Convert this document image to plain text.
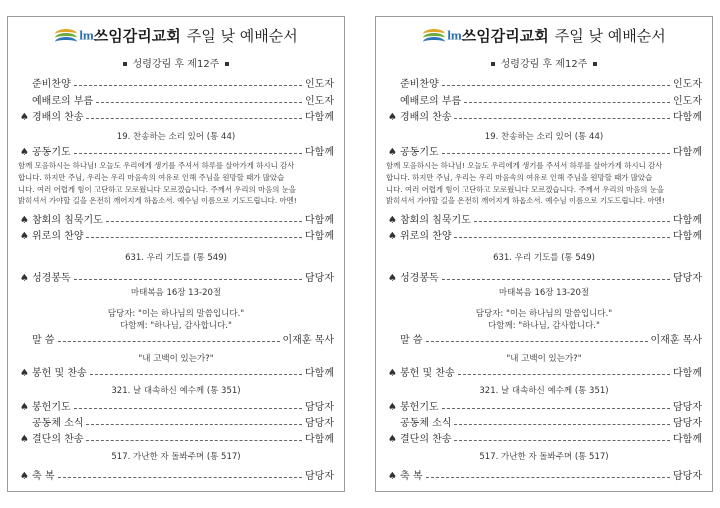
lm쓰임감리교회 주일 낮 예배순서
성령강림 후 제12주
준비찬양	인도자
예배로의 부름	인도자
♠ 경배의 찬송	다함께
19. 찬송하는 소리 있어 (통 44)
♠ 공동기도	다함께
함께 모음하시는 하나님! 오늘도 우리에게 생기를 주셔서 하루를 살아가게 하시니 감사
합니다. 하지만 주님, 우리는 우리 마음속의 여유로 인해 주님을 원망할 때가 많았습
니다. 여러 어렵게 힘이 고단하고 모로웠니다 모르겠습니다. 주께서 우리의 마음의 눈을
밝히셔서 가야할 길을 온전히 깨어지게 하옵소서. 예수님 이름으로 기도드립니다. 아멘!
♠ 참회의 침묵기도	다함께
♠ 위로의 찬양	다함께
631. 우리 기도를 (통 549)
♠ 성경봉독	담당자
마태복음 16장 13-20절
담당자: "이는 하나님의 말씀입니다."
다함께: "하나님, 감사합니다."
말 씀	이재훈 목사
"내 고백이 있는가?"
♠ 봉헌 및 찬송	다함께
321. 날 대속하신 예수께 (통 351)
♠ 봉헌기도	담당자
공동체 소식	담당자
♠ 결단의 찬송	다함께
517. 가난한 자 돌봐주며 (통 517)
♠ 축 복	담당자
lm쓰임감리교회 주일 낮 예배순서
성령강림 후 제12주
준비찬양	인도자
예배로의 부름	인도자
♠ 경배의 찬송	다함께
19. 찬송하는 소리 있어 (통 44)
♠ 공동기도	다함께
함께 모음하시는 하나님! 오늘도 우리에게 생기를 주셔서 하루를 살아가게 하시니 감사
합니다. 하지만 주님, 우리는 우리 마음속의 여유로 인해 주님을 원망할 때가 많았습
니다. 여러 어렵게 힘이 고단하고 모로웠니다 모르겠습니다. 주께서 우리의 마음의 눈을
밝히셔서 가야할 길을 온전히 깨어지게 하옵소서. 예수님 이름으로 기도드립니다. 아멘!
♠ 참회의 침묵기도	다함께
♠ 위로의 찬양	다함께
631. 우리 기도를 (통 549)
♠ 성경봉독	담당자
마태복음 16장 13-20절
담당자: "이는 하나님의 말씀입니다."
다함께: "하나님, 감사합니다."
말 씀	이재훈 목사
"내 고백이 있는가?"
♠ 봉헌 및 찬송	다함께
321. 날 대속하신 예수께 (통 351)
♠ 봉헌기도	담당자
공동체 소식	담당자
♠ 결단의 찬송	다함께
517. 가난한 자 돌봐주며 (통 517)
♠ 축 복	담당자
